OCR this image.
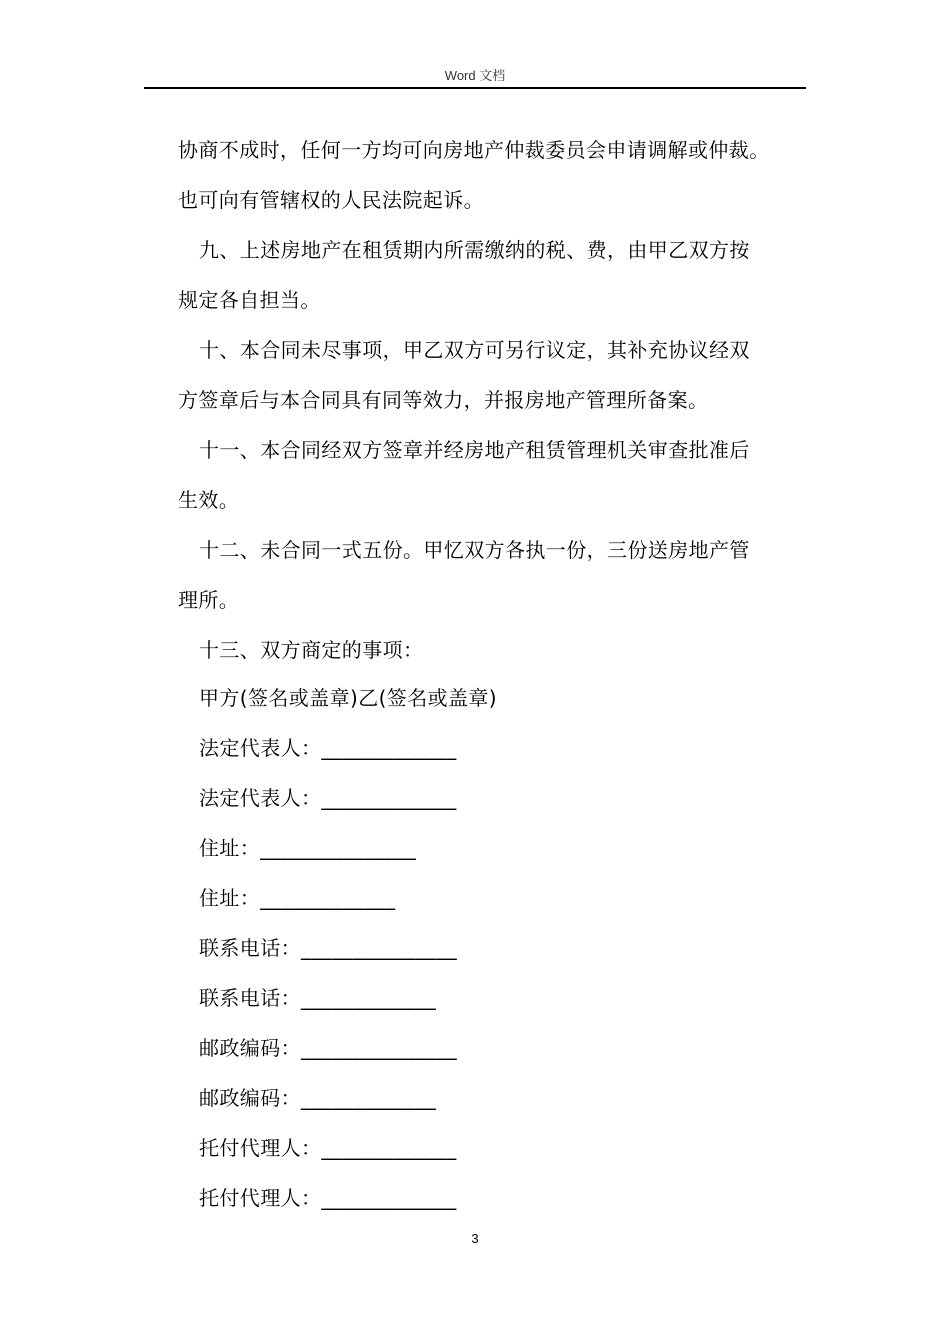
Word 文档
协商不成时，任何一方均可向房地产仲裁委员会申请调解或仲裁。
也可向有管辖权的人民法院起诉。
九、上述房地产在租赁期内所需缴纳的税、费，由甲乙双方按
规定各自担当。
十、本合同未尽事项，甲乙双方可另行议定，其补充协议经双
方签章后与本合同具有同等效力，并报房地产管理所备案。
十一、本合同经双方签章并经房地产租赁管理机关审查批准后
生效。
十二、未合同一式五份。甲忆双方各执一份，三份送房地产管
理所。
十三、双方商定的事项：
甲方(签名或盖章)乙(签名或盖章)
法定代表人：_____________
法定代表人：_____________
住址：_______________
住址：_____________
联系电话：_______________
联系电话：_____________
邮政编码：_______________
邮政编码：_____________
托付代理人：_____________
托付代理人：_____________
3
